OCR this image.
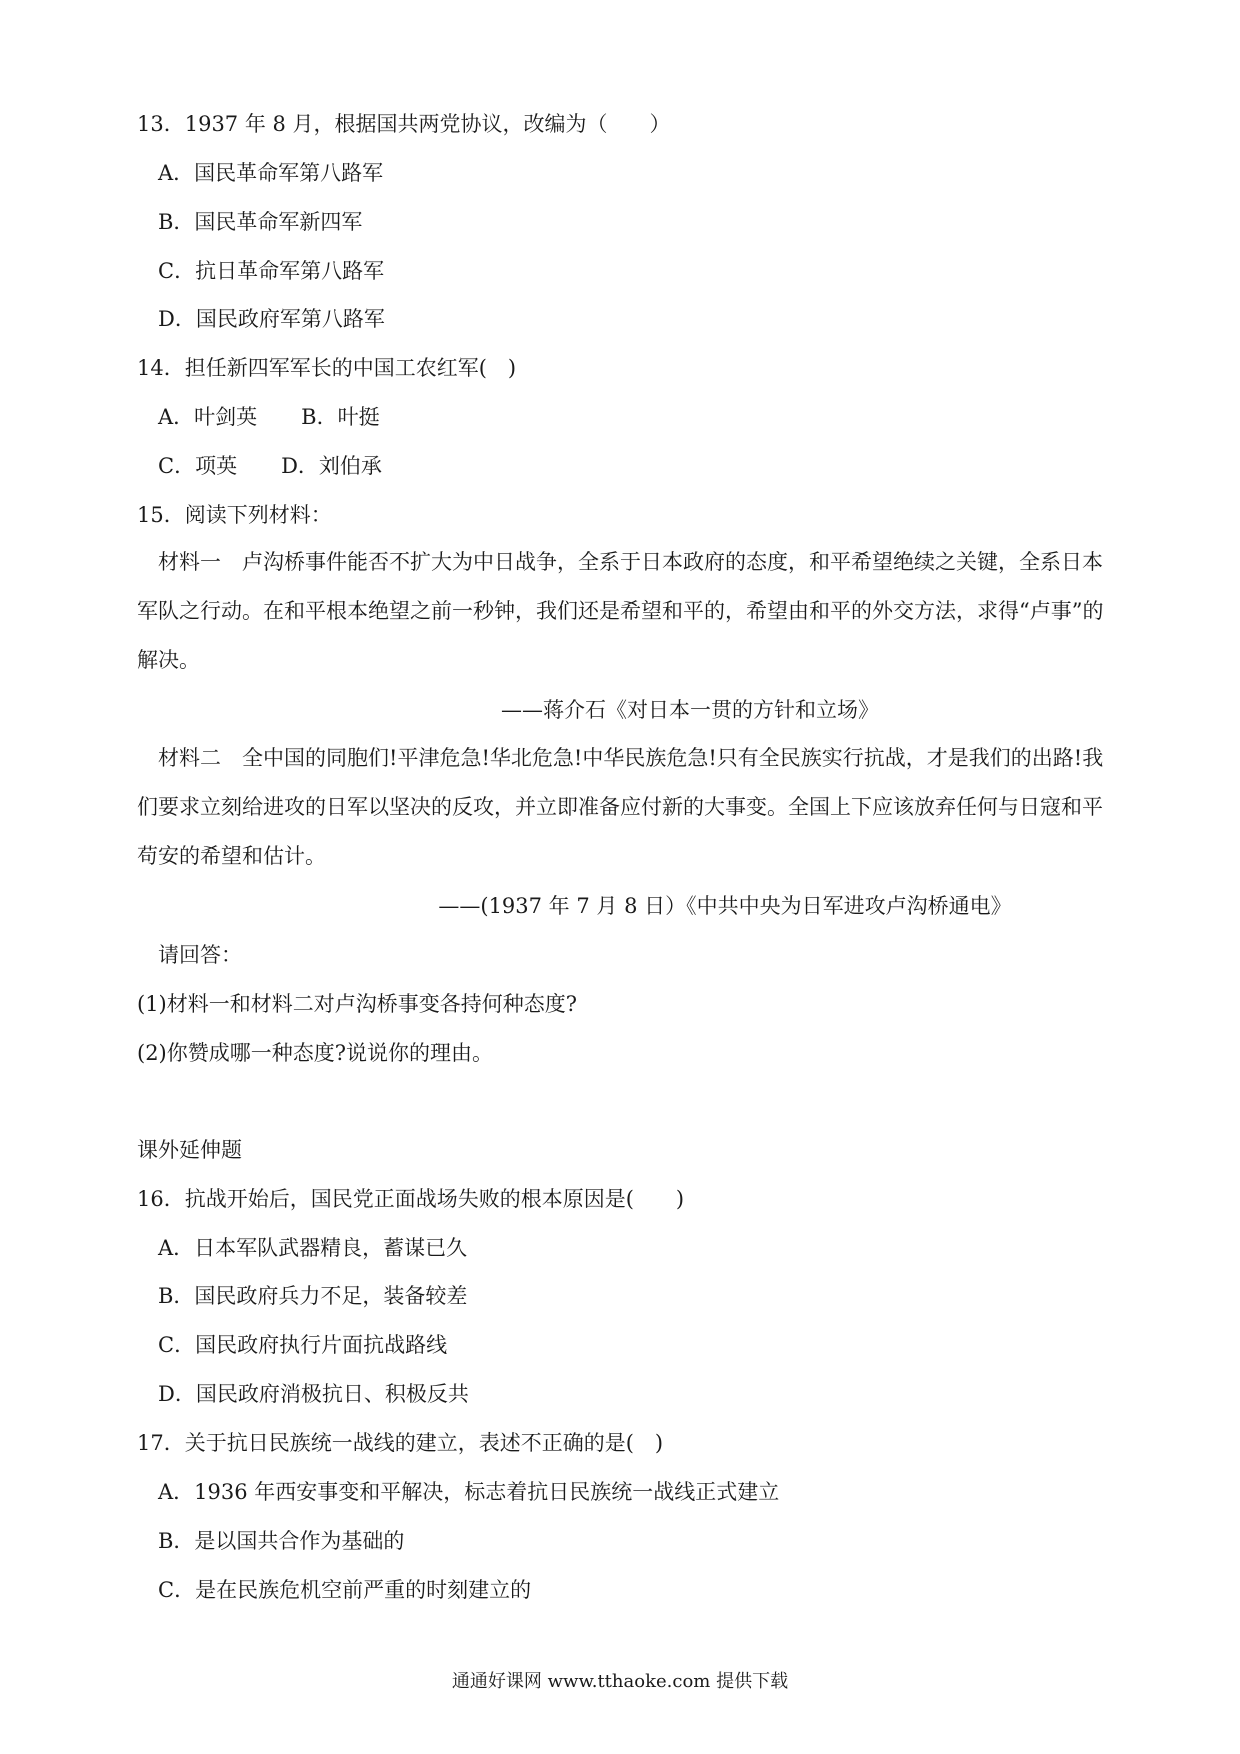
13．1937 年 8 月，根据国共两党协议，改编为（　　）
A．国民革命军第八路军
B．国民革命军新四军
C．抗日革命军第八路军
D．国民政府军第八路军
14．担任新四军军长的中国工农红军(　)
A．叶剑英 B．叶挺
C．项英 D．刘伯承
15．阅读下列材料：
材料一　卢沟桥事件能否不扩大为中日战争，全系于日本政府的态度，和平希望绝续之关键，全系日本军队之行动。在和平根本绝望之前一秒钟，我们还是希望和平的，希望由和平的外交方法，求得“卢事”的解决。
——蒋介石《对日本一贯的方针和立场》
材料二　全中国的同胞们!平津危急!华北危急!中华民族危急!只有全民族实行抗战，才是我们的出路!我们要求立刻给进攻的日军以坚决的反攻，并立即准备应付新的大事变。全国上下应该放弃任何与日寇和平苟安的希望和估计。
——(1937 年 7 月 8 日）《中共中央为日军进攻卢沟桥通电》
请回答：
(1)材料一和材料二对卢沟桥事变各持何种态度?
(2)你赞成哪一种态度?说说你的理由。
课外延伸题
16．抗战开始后，国民党正面战场失败的根本原因是(　　)
A．日本军队武器精良，蓄谋已久
B．国民政府兵力不足，装备较差
C．国民政府执行片面抗战路线
D．国民政府消极抗日、积极反共
17．关于抗日民族统一战线的建立，表述不正确的是(　)
A．1936 年西安事变和平解决，标志着抗日民族统一战线正式建立
B．是以国共合作为基础的
C．是在民族危机空前严重的时刻建立的
通通好课网 www.tthaoke.com 提供下载
